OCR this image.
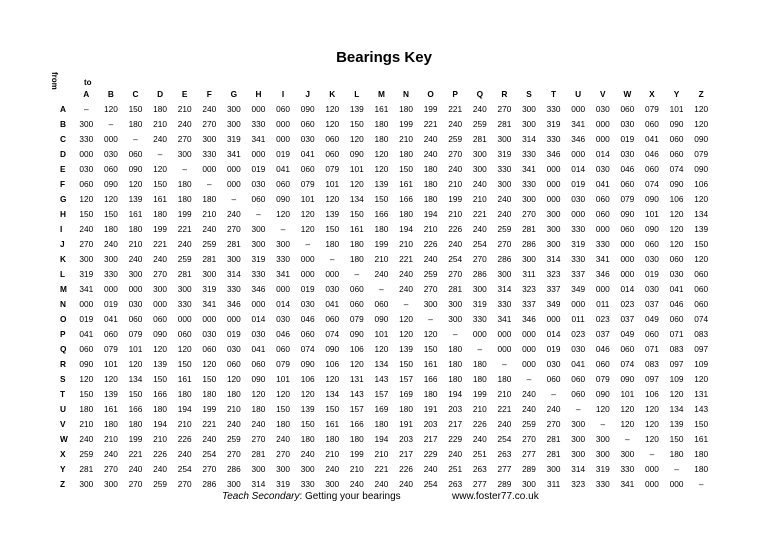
Bearings Key
from	to
A	B	C	D	E	F	G	H	I	J	K	L	M	N	O	P	Q	R	S	T	U	V	W	X	Y	Z
A	–	120	150	180	210	240	300	000	060	090	120	139	161	180	199	221	240	270	300	330	000	030	060	079	101	120
B	300	–	180	210	240	270	300	330	000	060	120	150	180	199	221	240	259	281	300	319	341	000	030	060	090	120
C	330	000	–	240	270	300	319	341	000	030	060	120	180	210	240	259	281	300	314	330	346	000	019	041	060	090
D	000	030	060	–	300	330	341	000	019	041	060	090	120	180	240	270	300	319	330	346	000	014	030	046	060	079
E	030	060	090	120	–	000	000	019	041	060	079	101	120	150	180	240	300	330	341	000	014	030	046	060	074	090
F	060	090	120	150	180	–	000	030	060	079	101	120	139	161	180	210	240	300	330	000	019	041	060	074	090	106
G	120	120	139	161	180	180	–	060	090	101	120	134	150	166	180	199	210	240	300	000	030	060	079	090	106	120
H	150	150	161	180	199	210	240	–	120	120	139	150	166	180	194	210	221	240	270	300	000	060	090	101	120	134
I	240	180	180	199	221	240	270	300	–	120	150	161	180	194	210	226	240	259	281	300	330	000	060	090	120	139
J	270	240	210	221	240	259	281	300	300	–	180	180	199	210	226	240	254	270	286	300	319	330	000	060	120	150
K	300	300	240	240	259	281	300	319	330	000	–	180	210	221	240	254	270	286	300	314	330	341	000	030	060	120
L	319	330	300	270	281	300	314	330	341	000	000	–	240	240	259	270	286	300	311	323	337	346	000	019	030	060
M	341	000	000	300	300	319	330	346	000	019	030	060	–	240	270	281	300	314	323	337	349	000	014	030	041	060
N	000	019	030	000	330	341	346	000	014	030	041	060	060	–	300	300	319	330	337	349	000	011	023	037	046	060
O	019	041	060	060	000	000	000	014	030	046	060	079	090	120	–	300	330	341	346	000	011	023	037	049	060	074
P	041	060	079	090	060	030	019	030	046	060	074	090	101	120	120	–	000	000	000	014	023	037	049	060	071	083
Q	060	079	101	120	120	060	030	041	060	074	090	106	120	139	150	180	–	000	000	019	030	046	060	071	083	097
R	090	101	120	139	150	120	060	060	079	090	106	120	134	150	161	180	180	–	000	030	041	060	074	083	097	109
S	120	120	134	150	161	150	120	090	101	106	120	131	143	157	166	180	180	180	–	060	060	079	090	097	109	120
T	150	139	150	166	180	180	180	120	120	120	134	143	157	169	180	194	199	210	240	–	060	090	101	106	120	131
U	180	161	166	180	194	199	210	180	150	139	150	157	169	180	191	203	210	221	240	240	–	120	120	120	134	143
V	210	180	180	194	210	221	240	240	180	150	161	166	180	191	203	217	226	240	259	270	300	–	120	120	139	150
W	240	210	199	210	226	240	259	270	240	180	180	180	194	203	217	229	240	254	270	281	300	300	–	120	150	161
X	259	240	221	226	240	254	270	281	270	240	210	199	210	217	229	240	251	263	277	281	300	300	300	–	180	180
Y	281	270	240	240	254	270	286	300	300	300	240	210	221	226	240	251	263	277	289	300	314	319	330	000	–	180
Z	300	300	270	259	270	286	300	314	319	330	300	240	240	240	254	263	277	289	300	311	323	330	341	000	000	–
Teach Secondary: Getting your bearings	www.foster77.co.uk
